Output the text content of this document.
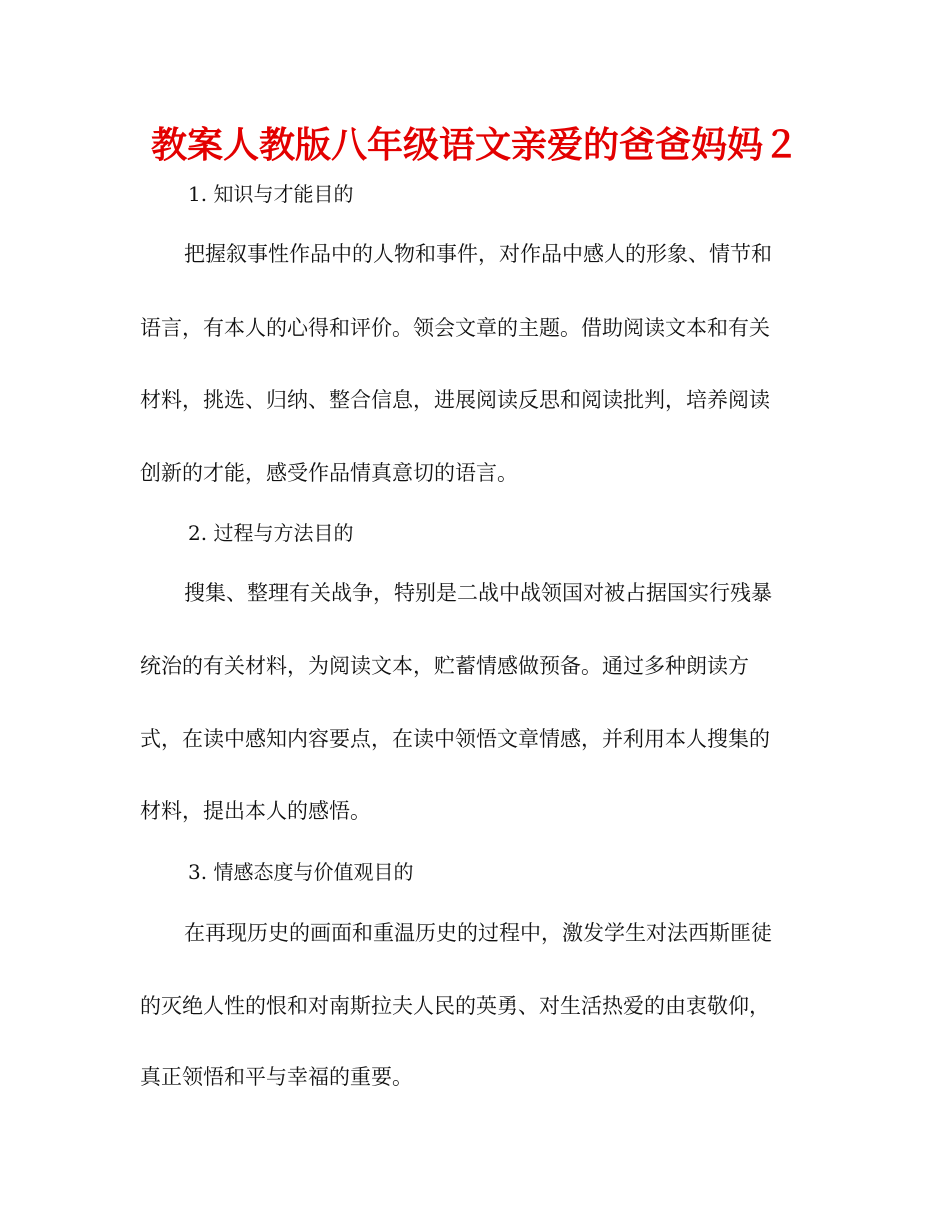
教案人教版八年级语文亲爱的爸爸妈妈２
1. 知识与才能目的
把握叙事性作品中的人物和事件，对作品中感人的形象、情节和
语言，有本人的心得和评价。领会文章的主题。借助阅读文本和有关
材料，挑选、归纳、整合信息，进展阅读反思和阅读批判，培养阅读
创新的才能，感受作品情真意切的语言。
2. 过程与方法目的
搜集、整理有关战争，特别是二战中战领国对被占据国实行残暴
统治的有关材料，为阅读文本，贮蓄情感做预备。通过多种朗读方
式，在读中感知内容要点，在读中领悟文章情感，并利用本人搜集的
材料，提出本人的感悟。
3. 情感态度与价值观目的
在再现历史的画面和重温历史的过程中，激发学生对法西斯匪徒
的灭绝人性的恨和对南斯拉夫人民的英勇、对生活热爱的由衷敬仰，
真正领悟和平与幸福的重要。
